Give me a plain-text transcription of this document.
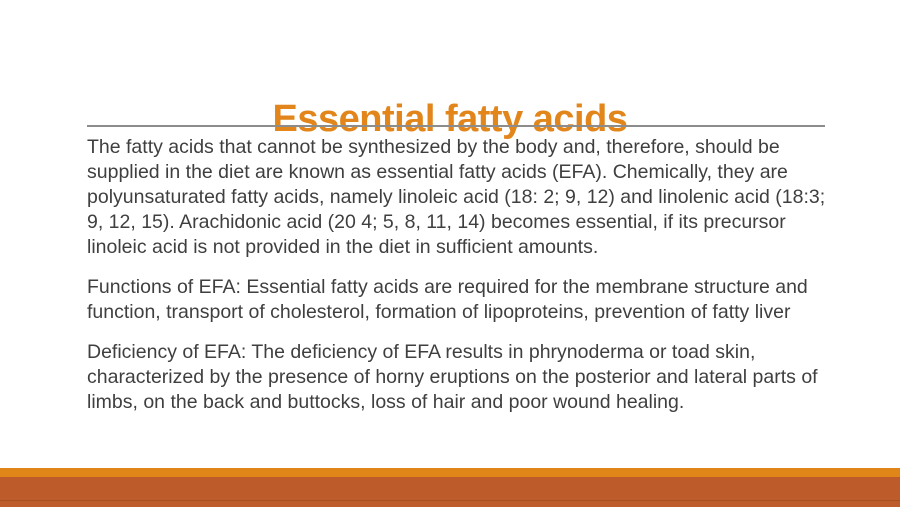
Essential fatty acids

The fatty acids that cannot be synthesized by the body and, therefore, should be supplied in the diet are known as essential fatty acids (EFA). Chemically, they are polyunsaturated fatty acids, namely linoleic acid (18: 2; 9, 12) and linolenic acid (18:3; 9, 12, 15). Arachidonic acid (20 4; 5, 8, 11, 14) becomes essential, if its precursor linoleic acid is not provided in the diet in sufficient amounts.

Functions of EFA: Essential fatty acids are required for the membrane structure and function, transport of cholesterol, formation of lipoproteins, prevention of fatty liver

Deficiency of EFA: The deficiency of EFA results in phrynoderma or toad skin, characterized by the presence of horny eruptions on the posterior and lateral parts of limbs, on the back and buttocks, loss of hair and poor wound healing.
